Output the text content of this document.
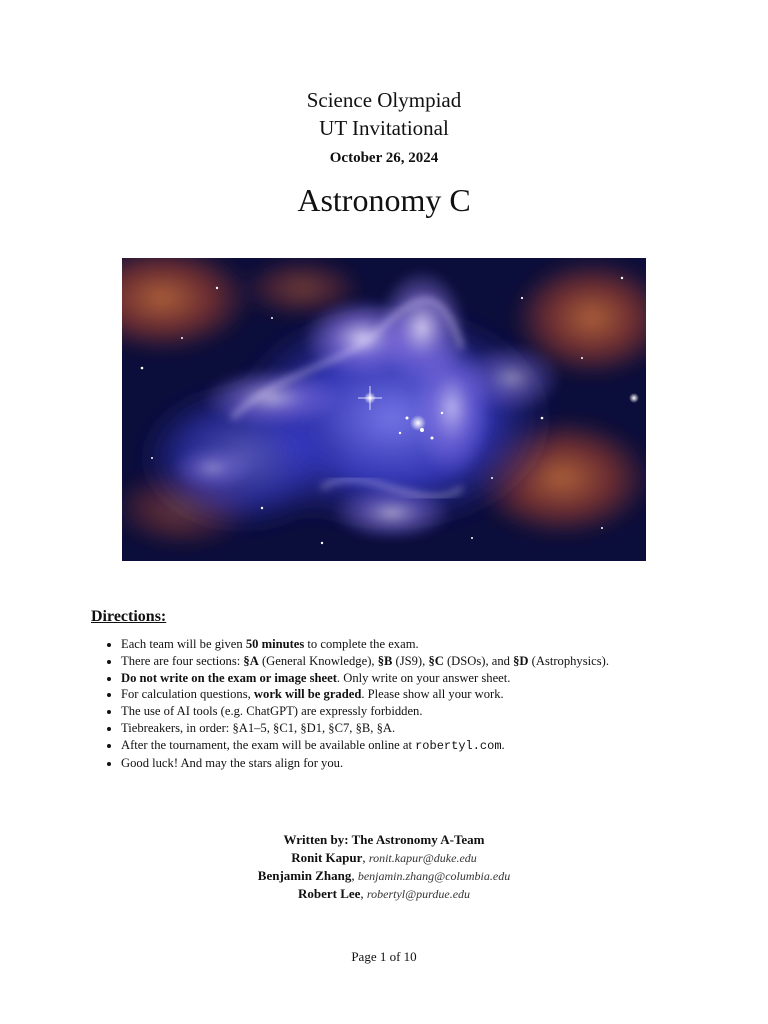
Science Olympiad
UT Invitational
October 26, 2024
Astronomy C
Directions:
• Each team will be given 50 minutes to complete the exam.
• There are four sections: §A (General Knowledge), §B (JS9), §C (DSOs), and §D (Astrophysics).
• Do not write on the exam or image sheet. Only write on your answer sheet.
• For calculation questions, work will be graded. Please show all your work.
• The use of AI tools (e.g. ChatGPT) are expressly forbidden.
• Tiebreakers, in order: §A1–5, §C1, §D1, §C7, §B, §A.
• After the tournament, the exam will be available online at robertyl.com.
• Good luck! And may the stars align for you.
Written by: The Astronomy A-Team
Ronit Kapur, ronit.kapur@duke.edu
Benjamin Zhang, benjamin.zhang@columbia.edu
Robert Lee, robertyl@purdue.edu
Page 1 of 10
